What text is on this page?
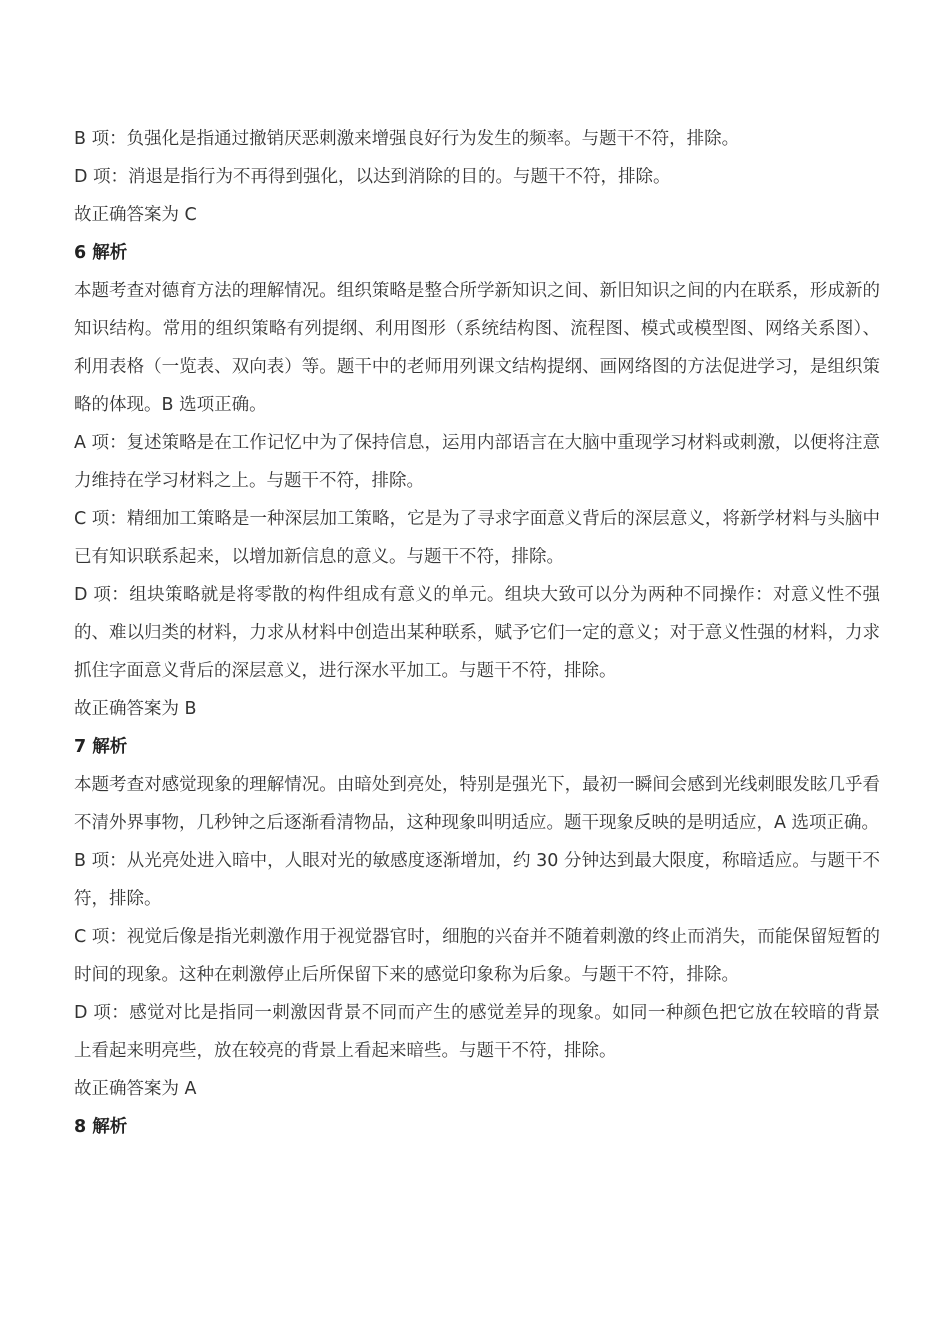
B 项：负强化是指通过撤销厌恶刺激来增强良好行为发生的频率。与题干不符，排除。

D 项：消退是指行为不再得到强化，以达到消除的目的。与题干不符，排除。

故正确答案为 C

6 解析

本题考查对德育方法的理解情况。组织策略是整合所学新知识之间、新旧知识之间的内在联系，形成新的知识结构。常用的组织策略有列提纲、利用图形（系统结构图、流程图、模式或模型图、网络关系图）、利用表格（一览表、双向表）等。题干中的老师用列课文结构提纲、画网络图的方法促进学习，是组织策略的体现。B 选项正确。

A 项：复述策略是在工作记忆中为了保持信息，运用内部语言在大脑中重现学习材料或刺激，以便将注意力维持在学习材料之上。与题干不符，排除。

C 项：精细加工策略是一种深层加工策略，它是为了寻求字面意义背后的深层意义，将新学材料与头脑中已有知识联系起来，以增加新信息的意义。与题干不符，排除。

D 项：组块策略就是将零散的构件组成有意义的单元。组块大致可以分为两种不同操作：对意义性不强的、难以归类的材料，力求从材料中创造出某种联系，赋予它们一定的意义；对于意义性强的材料，力求抓住字面意义背后的深层意义，进行深水平加工。与题干不符，排除。

故正确答案为 B

7 解析

本题考查对感觉现象的理解情况。由暗处到亮处，特别是强光下，最初一瞬间会感到光线刺眼发眩几乎看不清外界事物，几秒钟之后逐渐看清物品，这种现象叫明适应。题干现象反映的是明适应，A 选项正确。

B 项：从光亮处进入暗中，人眼对光的敏感度逐渐增加，约 30 分钟达到最大限度，称暗适应。与题干不符，排除。

C 项：视觉后像是指光刺激作用于视觉器官时，细胞的兴奋并不随着刺激的终止而消失，而能保留短暂的时间的现象。这种在刺激停止后所保留下来的感觉印象称为后象。与题干不符，排除。

D 项：感觉对比是指同一刺激因背景不同而产生的感觉差异的现象。如同一种颜色把它放在较暗的背景上看起来明亮些，放在较亮的背景上看起来暗些。与题干不符，排除。

故正确答案为 A

8 解析
